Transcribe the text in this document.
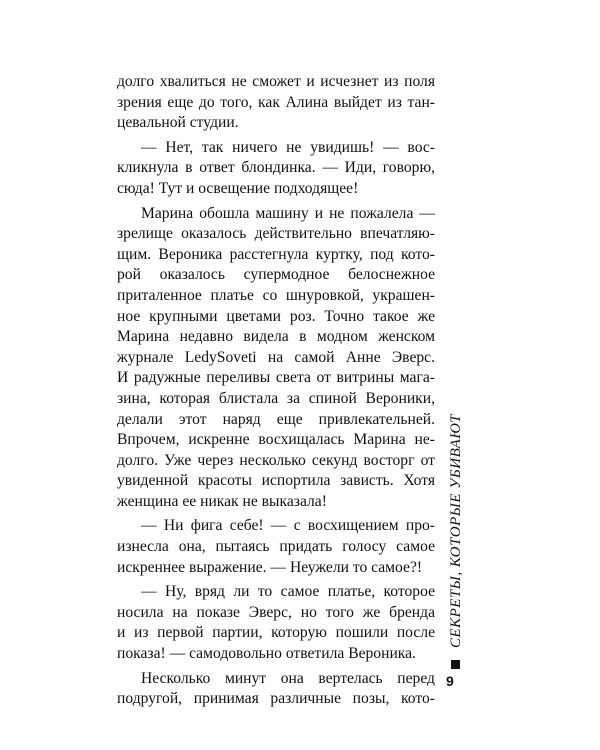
долго хвалиться не сможет и исчезнет из поля
зрения еще до того, как Алина выйдет из тан-
цевальной студии.
— Нет, так ничего не увидишь! — вос-
кликнула в ответ блондинка. — Иди, говорю,
сюда! Тут и освещение подходящее!
Марина обошла машину и не пожалела —
зрелище оказалось действительно впечатляю-
щим. Вероника расстегнула куртку, под кото-
рой оказалось супермодное белоснежное
приталенное платье со шнуровкой, украшен-
ное крупными цветами роз. Точно такое же
Марина недавно видела в модном женском
журнале LedySoveti на самой Анне Эверс.
И радужные переливы света от витрины мага-
зина, которая блистала за спиной Вероники,
делали этот наряд еще привлекательней.
Впрочем, искренне восхищалась Марина не-
долго. Уже через несколько секунд восторг от
увиденной красоты испортила зависть. Хотя
женщина ее никак не выказала!
— Ни фига себе! — с восхищением про-
изнесла она, пытаясь придать голосу самое
искреннее выражение. — Неужели то самое?!
— Ну, вряд ли то самое платье, которое
носила на показе Эверс, но того же бренда
и из первой партии, которую пошили после
показа! — самодовольно ответила Вероника.
Несколько минут она вертелась перед
подругой, принимая различные позы, кото-
СЕКРЕТЫ, КОТОРЫЕ УБИВАЮТ
9
